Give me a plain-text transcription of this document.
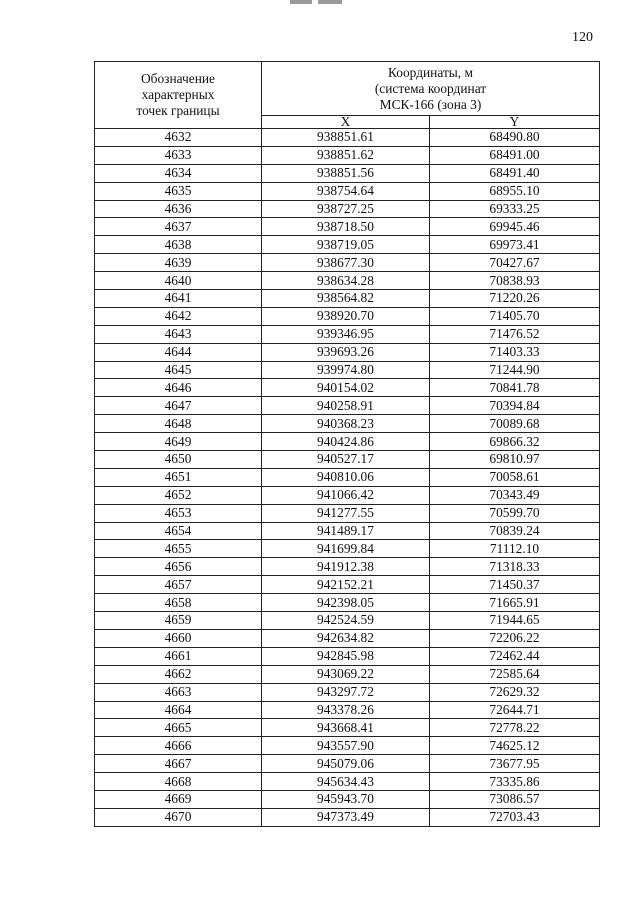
120
Обозначение
характерных
точек границы	Координаты, м
(система координат
МСК-166 (зона 3)	

	X	Y
4632	938851.61	68490.80
4633	938851.62	68491.00
4634	938851.56	68491.40
4635	938754.64	68955.10
4636	938727.25	69333.25
4637	938718.50	69945.46
4638	938719.05	69973.41
4639	938677.30	70427.67
4640	938634.28	70838.93
4641	938564.82	71220.26
4642	938920.70	71405.70
4643	939346.95	71476.52
4644	939693.26	71403.33
4645	939974.80	71244.90
4646	940154.02	70841.78
4647	940258.91	70394.84
4648	940368.23	70089.68
4649	940424.86	69866.32
4650	940527.17	69810.97
4651	940810.06	70058.61
4652	941066.42	70343.49
4653	941277.55	70599.70
4654	941489.17	70839.24
4655	941699.84	71112.10
4656	941912.38	71318.33
4657	942152.21	71450.37
4658	942398.05	71665.91
4659	942524.59	71944.65
4660	942634.82	72206.22
4661	942845.98	72462.44
4662	943069.22	72585.64
4663	943297.72	72629.32
4664	943378.26	72644.71
4665	943668.41	72778.22
4666	943557.90	74625.12
4667	945079.06	73677.95
4668	945634.43	73335.86
4669	945943.70	73086.57
4670	947373.49	72703.43
